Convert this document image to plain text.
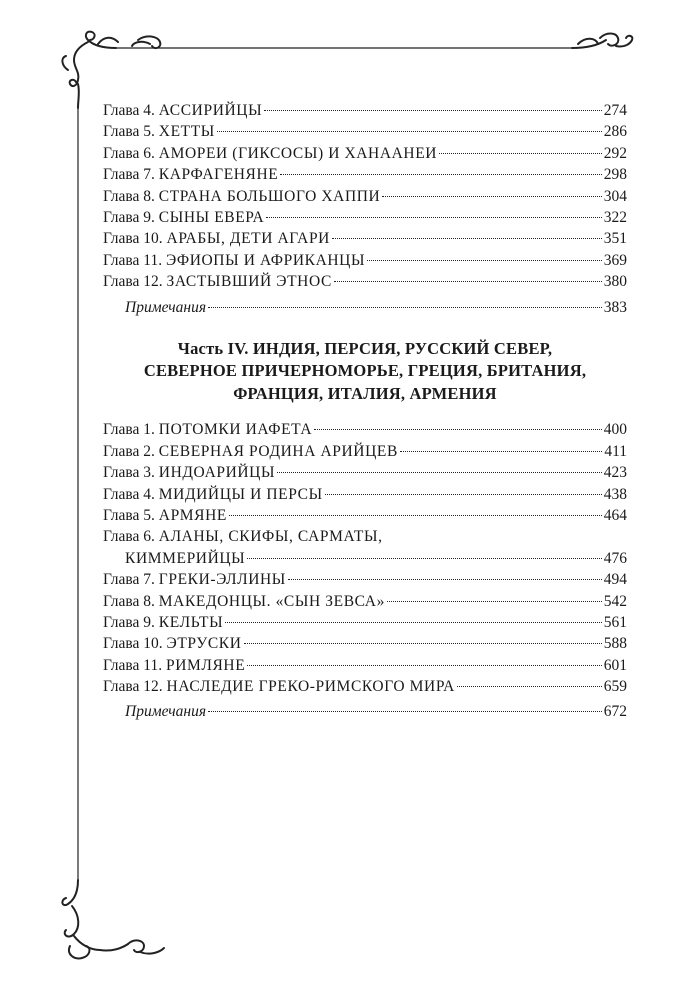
Глава 4. АССИРИЙЦЫ	274
Глава 5. ХЕТТЫ	286
Глава 6. АМОРЕИ (ГИКСОСЫ) И ХАНААНЕИ	292
Глава 7. КАРФАГЕНЯНЕ	298
Глава 8. СТРАНА БОЛЬШОГО ХАППИ	304
Глава 9. СЫНЫ ЕВЕРА	322
Глава 10. АРАБЫ, ДЕТИ АГАРИ	351
Глава 11. ЭФИОПЫ И АФРИКАНЦЫ	369
Глава 12. ЗАСТЫВШИЙ ЭТНОС	380
Примечания	383
Часть IV. ИНДИЯ, ПЕРСИЯ, РУССКИЙ СЕВЕР,
СЕВЕРНОЕ ПРИЧЕРНОМОРЬЕ, ГРЕЦИЯ, БРИТАНИЯ,
ФРАНЦИЯ, ИТАЛИЯ, АРМЕНИЯ
Глава 1. ПОТОМКИ ИАФЕТА	400
Глава 2. СЕВЕРНАЯ РОДИНА АРИЙЦЕВ	411
Глава 3. ИНДОАРИЙЦЫ	423
Глава 4. МИДИЙЦЫ И ПЕРСЫ	438
Глава 5. АРМЯНЕ	464
Глава 6. АЛАНЫ, СКИФЫ, САРМАТЫ,
КИММЕРИЙЦЫ	476
Глава 7. ГРЕКИ-ЭЛЛИНЫ	494
Глава 8. МАКЕДОНЦЫ. «СЫН ЗЕВСА»	542
Глава 9. КЕЛЬТЫ	561
Глава 10. ЭТРУСКИ	588
Глава 11. РИМЛЯНЕ	601
Глава 12. НАСЛЕДИЕ ГРЕКО-РИМСКОГО МИРА	659
Примечания	672
